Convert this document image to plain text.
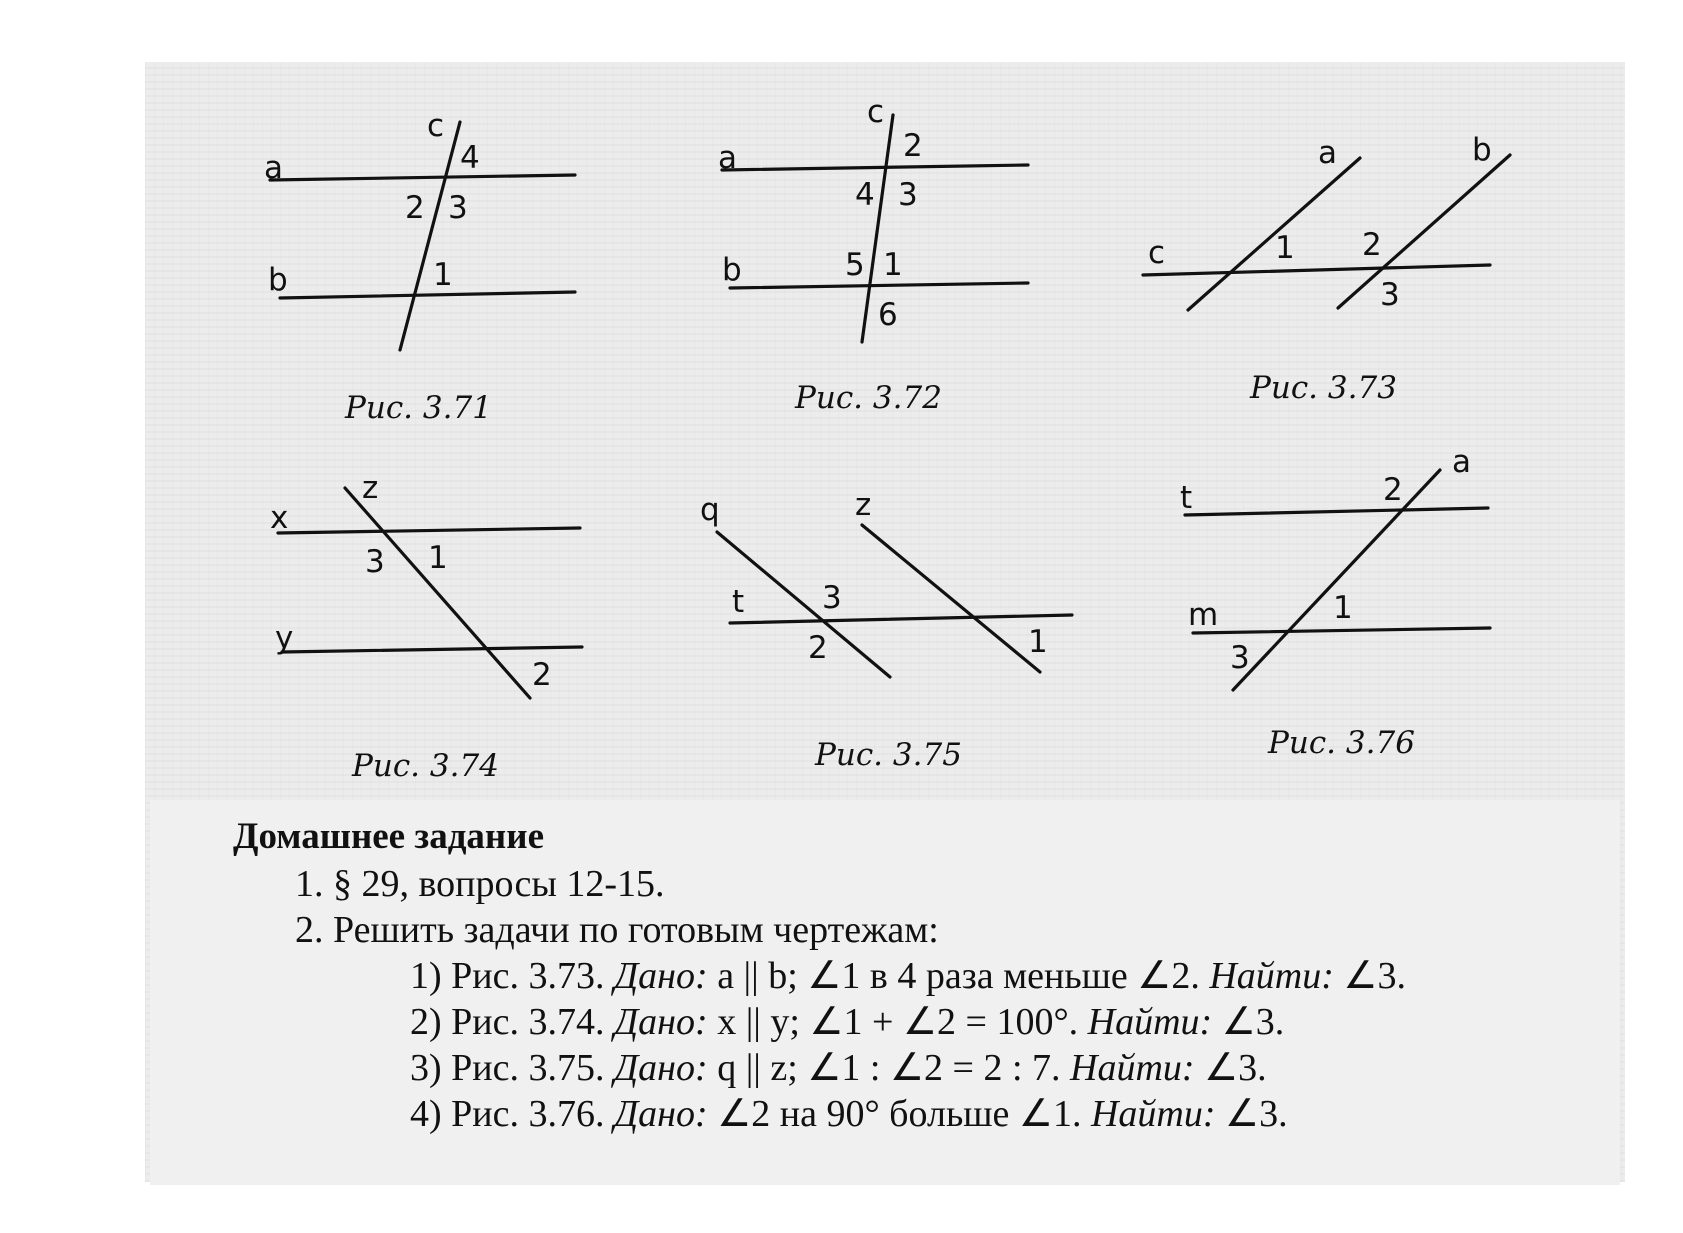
c
a
b
4
2 3
1
Рис. 3.71
c
a
b
2
4 3
5 1
6
Рис. 3.72
a	b
c	1 2
3
Рис. 3.73
z
x
y
3 1
2
Рис. 3.74
q	z
t	3
2	1
Рис. 3.75
a
t
m
2
1
3
Рис. 3.76
Домашнее задание
1. § 29, вопросы 12-15.
2. Решить задачи по готовым чертежам:
1) Рис. 3.73. Дано: a || b; ∠1 в 4 раза меньше ∠2. Найти: ∠3.
2) Рис. 3.74. Дано: x || y; ∠1 + ∠2 = 100°. Найти: ∠3.
3) Рис. 3.75. Дано: q || z; ∠1 : ∠2 = 2 : 7. Найти: ∠3.
4) Рис. 3.76. Дано: ∠2 на 90° больше ∠1. Найти: ∠3.
